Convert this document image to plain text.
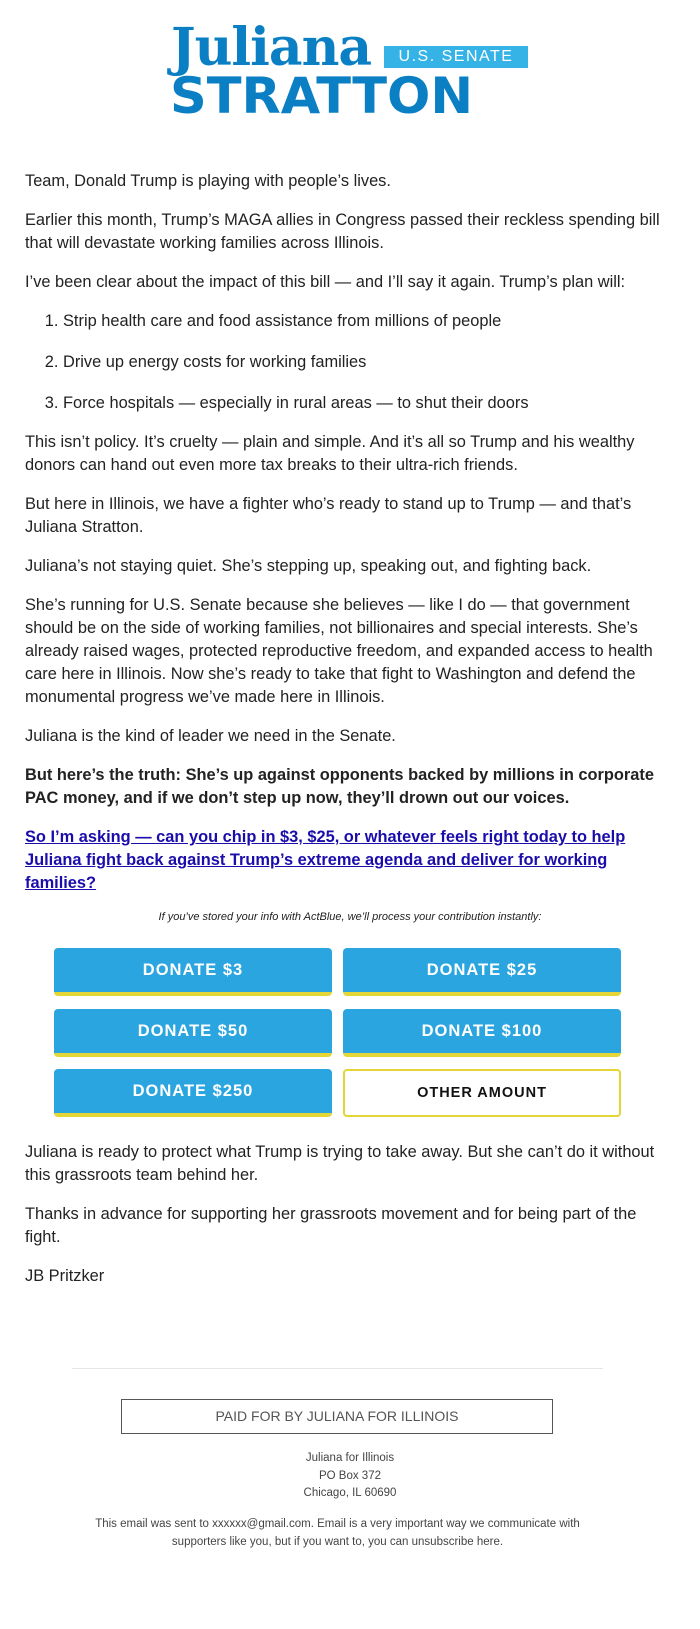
Juliana	U.S. SENATE
STRATTON

Team, Donald Trump is playing with people’s lives.

Earlier this month, Trump’s MAGA allies in Congress passed their reckless spending bill that will devastate working families across Illinois.

I’ve been clear about the impact of this bill — and I’ll say it again. Trump’s plan will:

1. Strip health care and food assistance from millions of people
2. Drive up energy costs for working families
3. Force hospitals — especially in rural areas — to shut their doors

This isn’t policy. It’s cruelty — plain and simple. And it’s all so Trump and his wealthy donors can hand out even more tax breaks to their ultra-rich friends.

But here in Illinois, we have a fighter who’s ready to stand up to Trump — and that’s Juliana Stratton.

Juliana’s not staying quiet. She’s stepping up, speaking out, and fighting back.

She’s running for U.S. Senate because she believes — like I do — that government should be on the side of working families, not billionaires and special interests. She’s already raised wages, protected reproductive freedom, and expanded access to health care here in Illinois. Now she’s ready to take that fight to Washington and defend the monumental progress we’ve made here in Illinois.

Juliana is the kind of leader we need in the Senate.

But here’s the truth: She’s up against opponents backed by millions in corporate PAC money, and if we don’t step up now, they’ll drown out our voices.

So I’m asking — can you chip in $3, $25, or whatever feels right today to help Juliana fight back against Trump’s extreme agenda and deliver for working families?
If you’ve stored your info with ActBlue, we’ll process your contribution instantly:
DONATE $3	DONATE $25
DONATE $50	DONATE $100
DONATE $250	OTHER AMOUNT

Juliana is ready to protect what Trump is trying to take away. But she can’t do it without this grassroots team behind her.

Thanks in advance for supporting her grassroots movement and for being part of the fight.

JB Pritzker

PAID FOR BY JULIANA FOR ILLINOIS
Juliana for Illinois
PO Box 372
Chicago, IL 60690
This email was sent to xxxxxx@gmail.com. Email is a very important way we communicate with supporters like you, but if you want to, you can unsubscribe here.
